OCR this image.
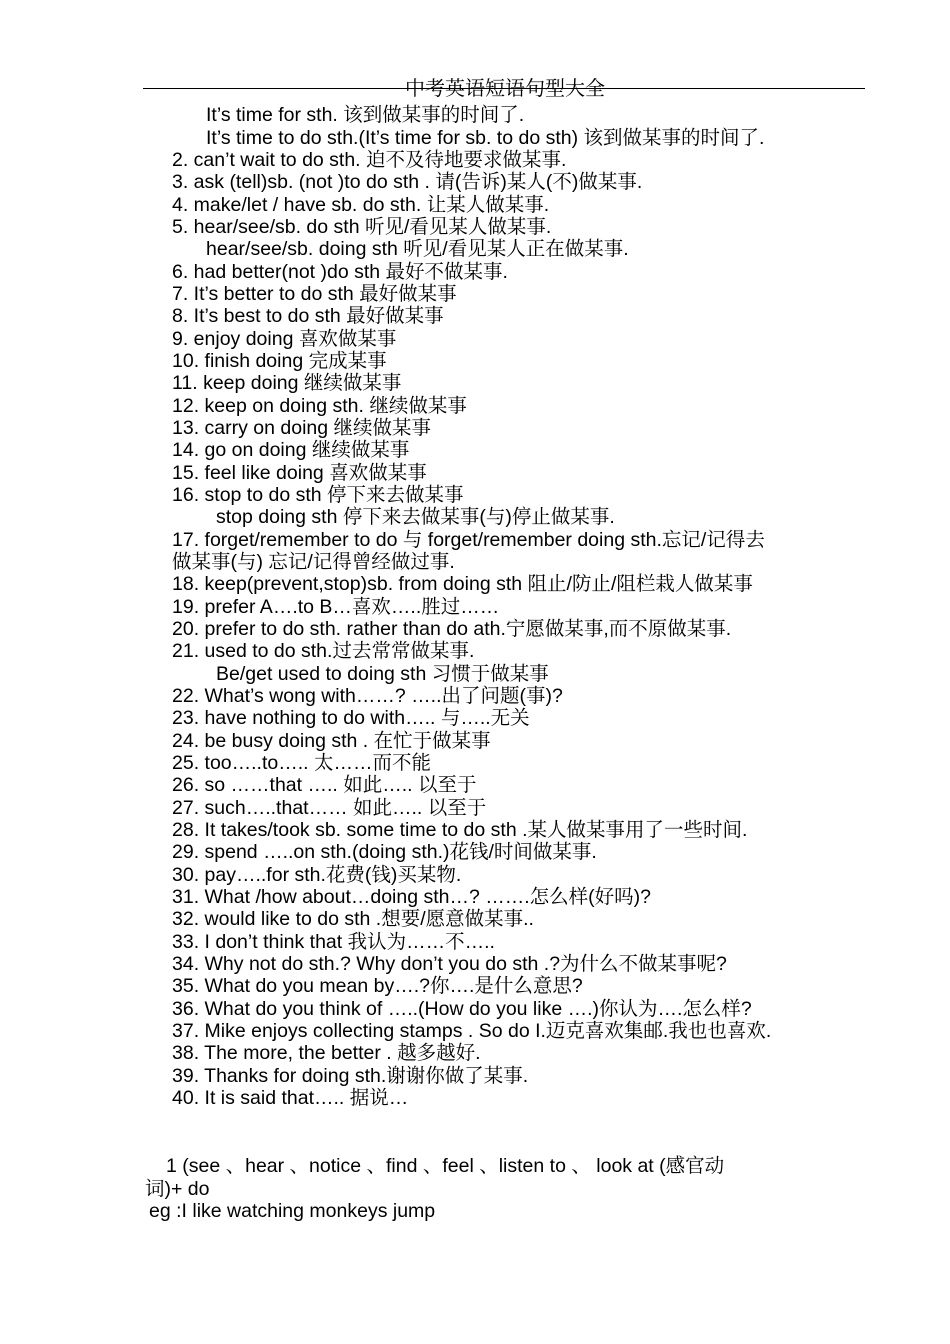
中考英语短语句型大全
It’s time for sth. 该到做某事的时间了.
It’s time to do sth.(It’s time for sb. to do sth) 该到做某事的时间了.
2. can’t wait to do sth. 迫不及待地要求做某事.
3. ask (tell)sb. (not )to do sth . 请(告诉)某人(不)做某事.
4. make/let / have sb. do sth. 让某人做某事.
5. hear/see/sb. do sth 听见/看见某人做某事.
hear/see/sb. doing sth 听见/看见某人正在做某事.
6. had better(not )do sth 最好不做某事.
7. It’s better to do sth 最好做某事
8. It’s best to do sth 最好做某事
9. enjoy doing 喜欢做某事
10. finish doing 完成某事
11. keep doing 继续做某事
12. keep on doing sth. 继续做某事
13. carry on doing 继续做某事
14. go on doing 继续做某事
15. feel like doing 喜欢做某事
16. stop to do sth 停下来去做某事
stop doing sth 停下来去做某事(与)停止做某事.
17. forget/remember to do 与 forget/remember doing sth.忘记/记得去
做某事(与) 忘记/记得曾经做过事.
18. keep(prevent,stop)sb. from doing sth 阻止/防止/阻栏栽人做某事
19. prefer A….to B…喜欢…..胜过……
20. prefer to do sth. rather than do ath.宁愿做某事,而不原做某事.
21. used to do sth.过去常常做某事.
Be/get used to doing sth 习惯于做某事
22. What’s wong with……? …..出了问题(事)?
23. have nothing to do with….. 与…..无关
24. be busy doing sth . 在忙于做某事
25. too…..to….. 太……而不能
26. so ……that ….. 如此….. 以至于
27. such…..that…… 如此….. 以至于
28. It takes/took sb. some time to do sth .某人做某事用了一些时间.
29. spend …..on sth.(doing sth.)花钱/时间做某事.
30. pay…..for sth.花费(钱)买某物.
31. What /how about…doing sth…? …….怎么样(好吗)?
32. would like to do sth .想要/愿意做某事..
33. I don’t think that 我认为……不…..
34. Why not do sth.? Why don’t you do sth .?为什么不做某事呢?
35. What do you mean by….?你….是什么意思?
36. What do you think of …..(How do you like ….)你认为….怎么样?
37. Mike enjoys collecting stamps . So do I.迈克喜欢集邮.我也也喜欢.
38. The more, the better . 越多越好.
39. Thanks for doing sth.谢谢你做了某事.
40. It is said that….. 据说…
1 (see 、hear 、notice 、find 、feel 、listen to 、 look at (感官动
词)+ do
eg :I like watching monkeys jump
